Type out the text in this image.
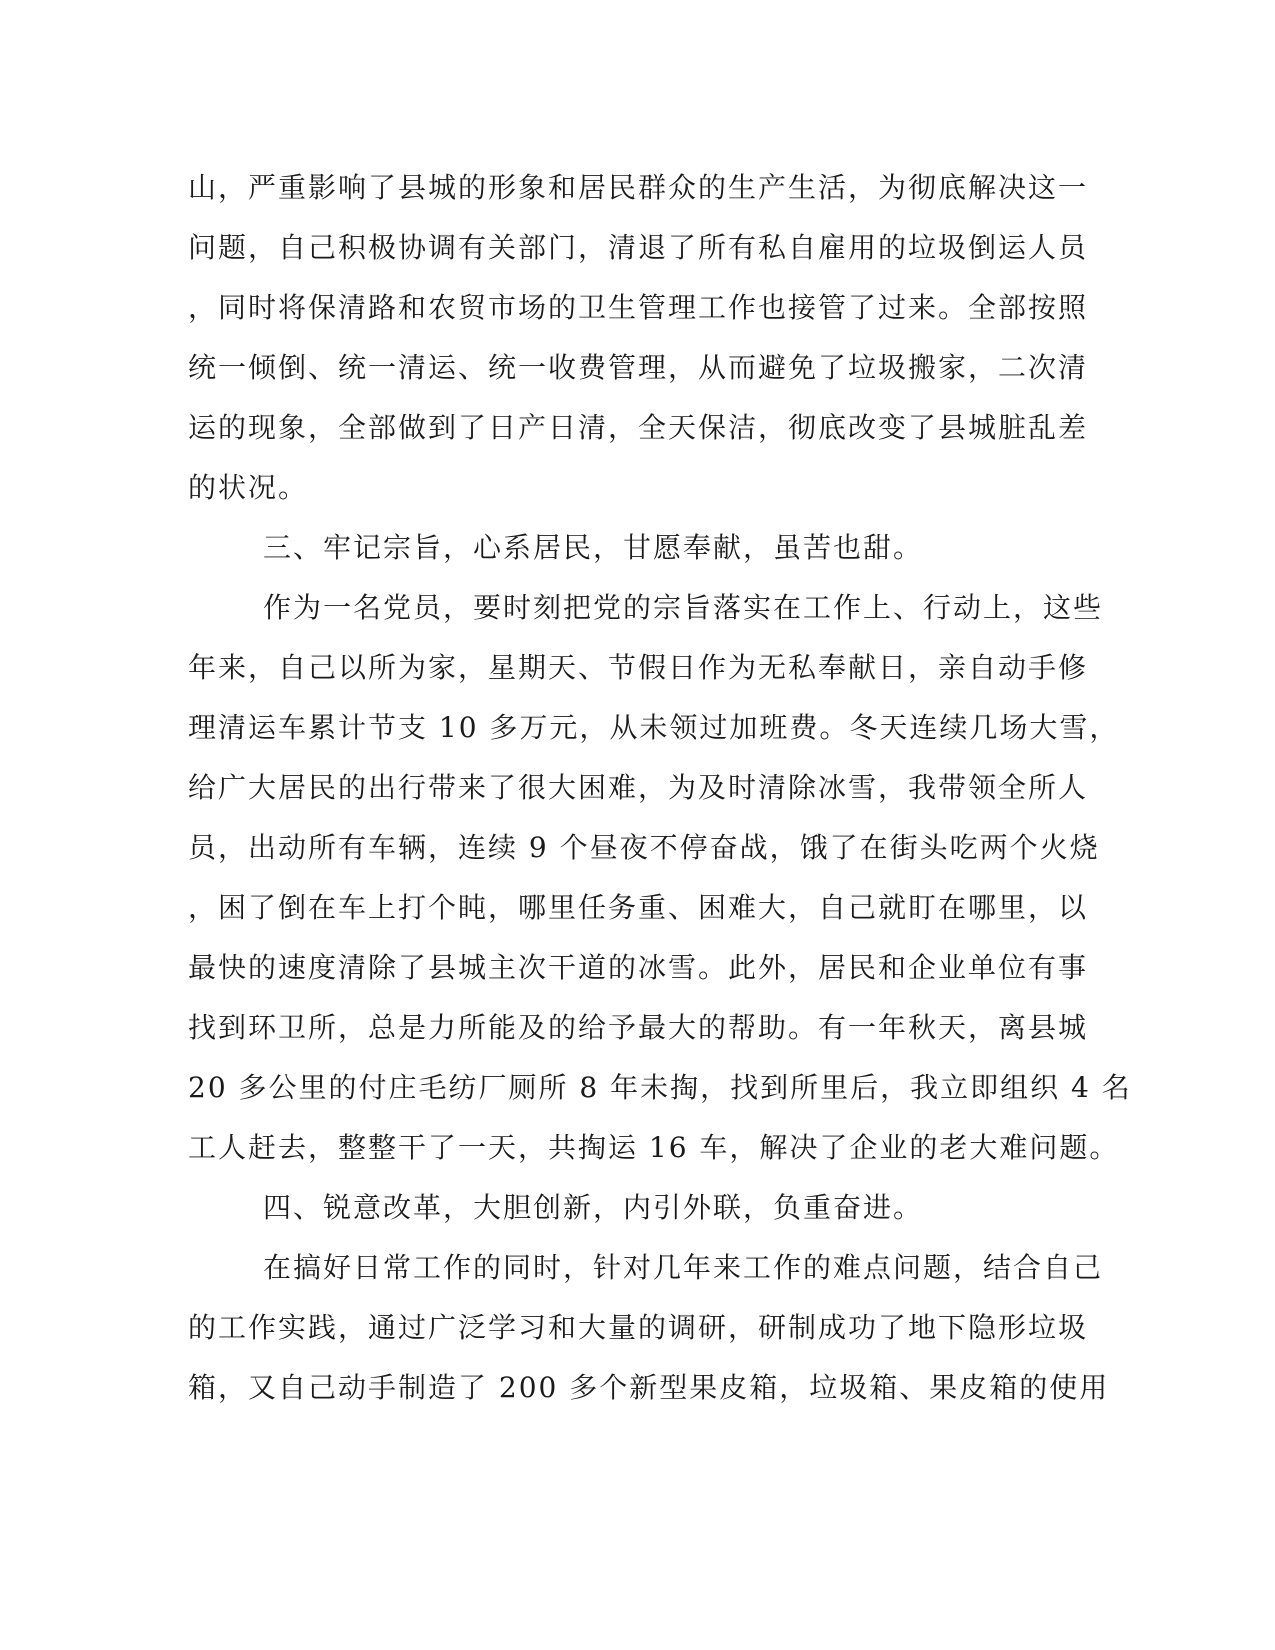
山，严重影响了县城的形象和居民群众的生产生活，为彻底解决这一
问题，自己积极协调有关部门，清退了所有私自雇用的垃圾倒运人员
，同时将保清路和农贸市场的卫生管理工作也接管了过来。全部按照
统一倾倒、统一清运、统一收费管理，从而避免了垃圾搬家，二次清
运的现象，全部做到了日产日清，全天保洁，彻底改变了县城脏乱差
的状况。
三、牢记宗旨，心系居民，甘愿奉献，虽苦也甜。
作为一名党员，要时刻把党的宗旨落实在工作上、行动上，这些
年来，自己以所为家，星期天、节假日作为无私奉献日，亲自动手修
理清运车累计节支 10 多万元，从未领过加班费。冬天连续几场大雪，
给广大居民的出行带来了很大困难，为及时清除冰雪，我带领全所人
员，出动所有车辆，连续 9 个昼夜不停奋战，饿了在街头吃两个火烧
，困了倒在车上打个盹，哪里任务重、困难大，自己就盯在哪里，以
最快的速度清除了县城主次干道的冰雪。此外，居民和企业单位有事
找到环卫所，总是力所能及的给予最大的帮助。有一年秋天，离县城
20 多公里的付庄毛纺厂厕所 8 年未掏，找到所里后，我立即组织 4 名
工人赶去，整整干了一天，共掏运 16 车，解决了企业的老大难问题。
四、锐意改革，大胆创新，内引外联，负重奋进。
在搞好日常工作的同时，针对几年来工作的难点问题，结合自己
的工作实践，通过广泛学习和大量的调研，研制成功了地下隐形垃圾
箱，又自己动手制造了 200 多个新型果皮箱，垃圾箱、果皮箱的使用
